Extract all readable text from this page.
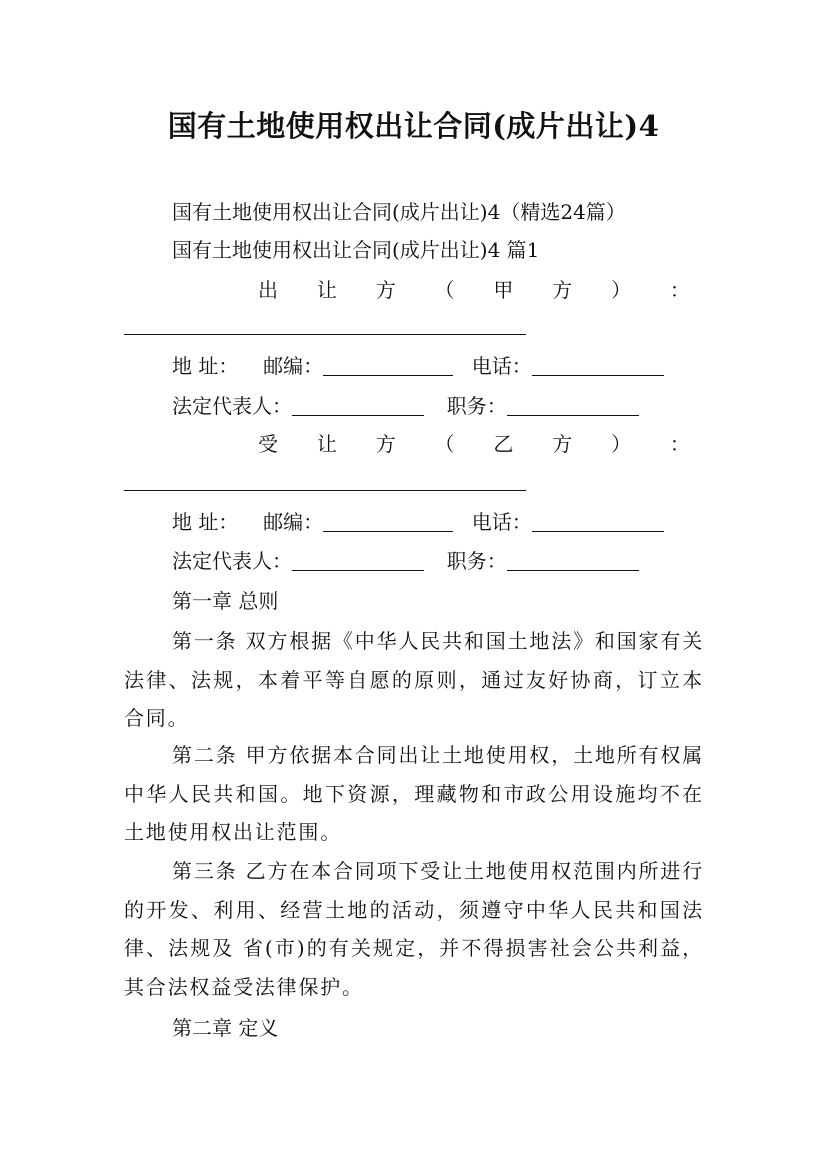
国有土地使用权出让合同(成片出让)4
国有土地使用权出让合同(成片出让)4（精选24篇）
国有土地使用权出让合同(成片出让)4 篇1
出 让 方 （ 甲 方 ） ：
地 址： 邮编：	电话：
法定代表人：	职务：
受 让 方 （ 乙 方 ） ：
地 址： 邮编：	电话：
法定代表人：	职务：
第一章 总则
第一条 双方根据《中华人民共和国土地法》和国家有关法律、法规，本着平等自愿的原则，通过友好协商，订立本合同。
第二条 甲方依据本合同出让土地使用权，土地所有权属中华人民共和国。地下资源，理藏物和市政公用设施均不在土地使用权出让范围。
第三条 乙方在本合同项下受让土地使用权范围内所进行的开发、利用、经营土地的活动，须遵守中华人民共和国法律、法规及 省(市)的有关规定，并不得损害社会公共利益，其合法权益受法律保护。
第二章 定义
